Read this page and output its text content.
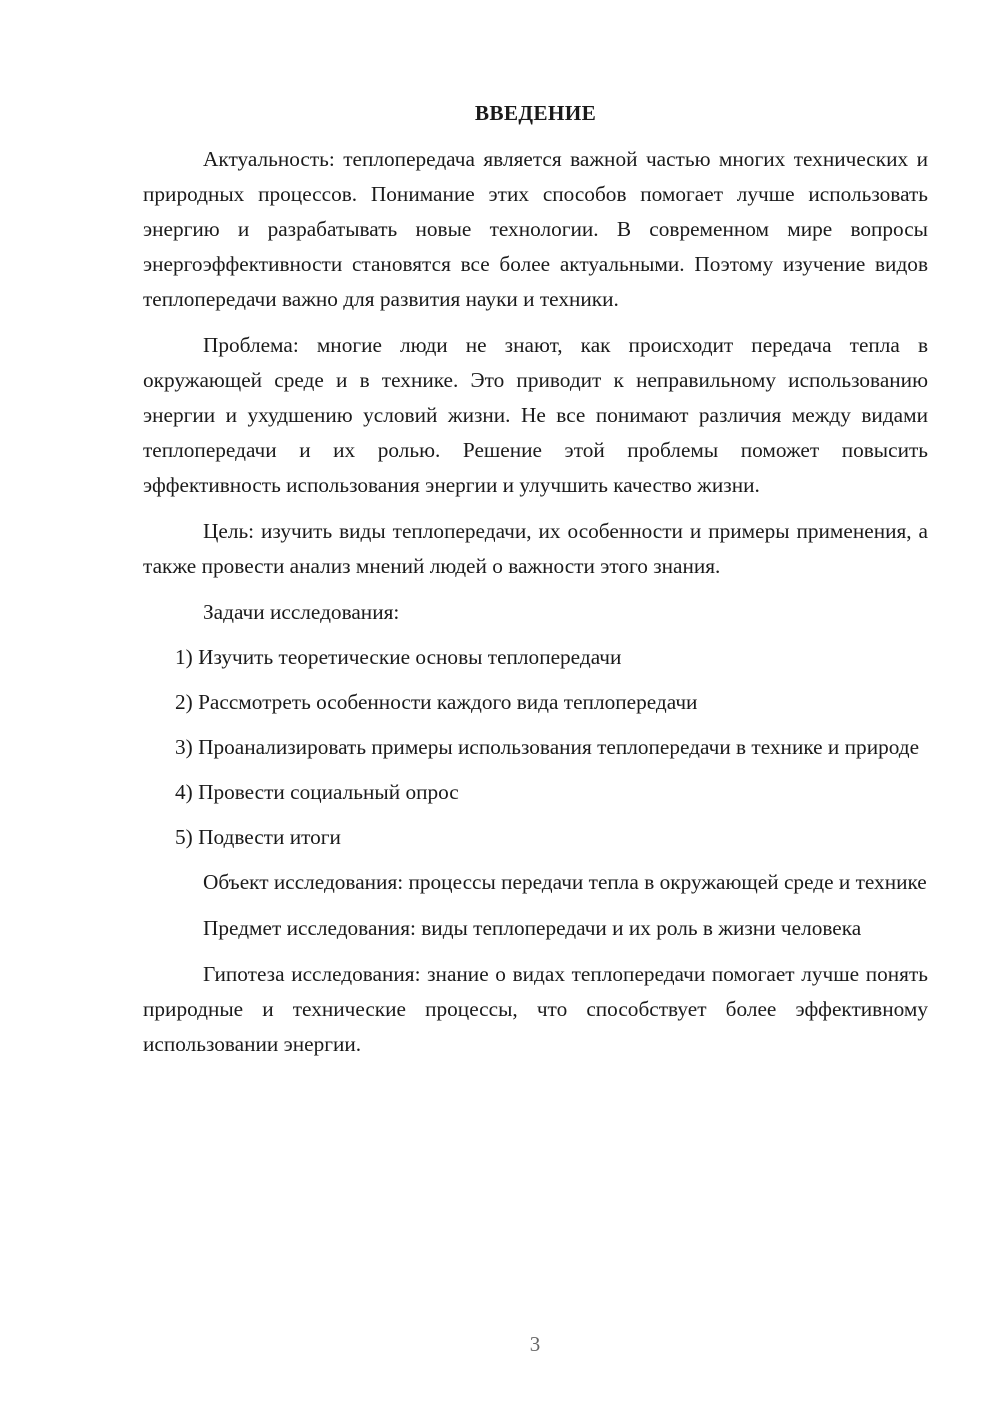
ВВЕДЕНИЕ

Актуальность: теплопередача является важной частью многих технических и природных процессов. Понимание этих способов помогает лучше использовать энергию и разрабатывать новые технологии. В современном мире вопросы энергоэффективности становятся все более актуальными. Поэтому изучение видов теплопередачи важно для развития науки и техники.

Проблема: многие люди не знают, как происходит передача тепла в окружающей среде и в технике. Это приводит к неправильному использованию энергии и ухудшению условий жизни. Не все понимают различия между видами теплопередачи и их ролью. Решение этой проблемы поможет повысить эффективность использования энергии и улучшить качество жизни.

Цель: изучить виды теплопередачи, их особенности и примеры применения, а также провести анализ мнений людей о важности этого знания.

Задачи исследования:

1) Изучить теоретические основы теплопередачи

2) Рассмотреть особенности каждого вида теплопередачи

3) Проанализировать примеры использования теплопередачи в технике и природе

4) Провести социальный опрос

5) Подвести итоги

Объект исследования: процессы передачи тепла в окружающей среде и технике

Предмет исследования: виды теплопередачи и их роль в жизни человека

Гипотеза исследования: знание о видах теплопередачи помогает лучше понять природные и технические процессы, что способствует более эффективному использовании энергии.

3
